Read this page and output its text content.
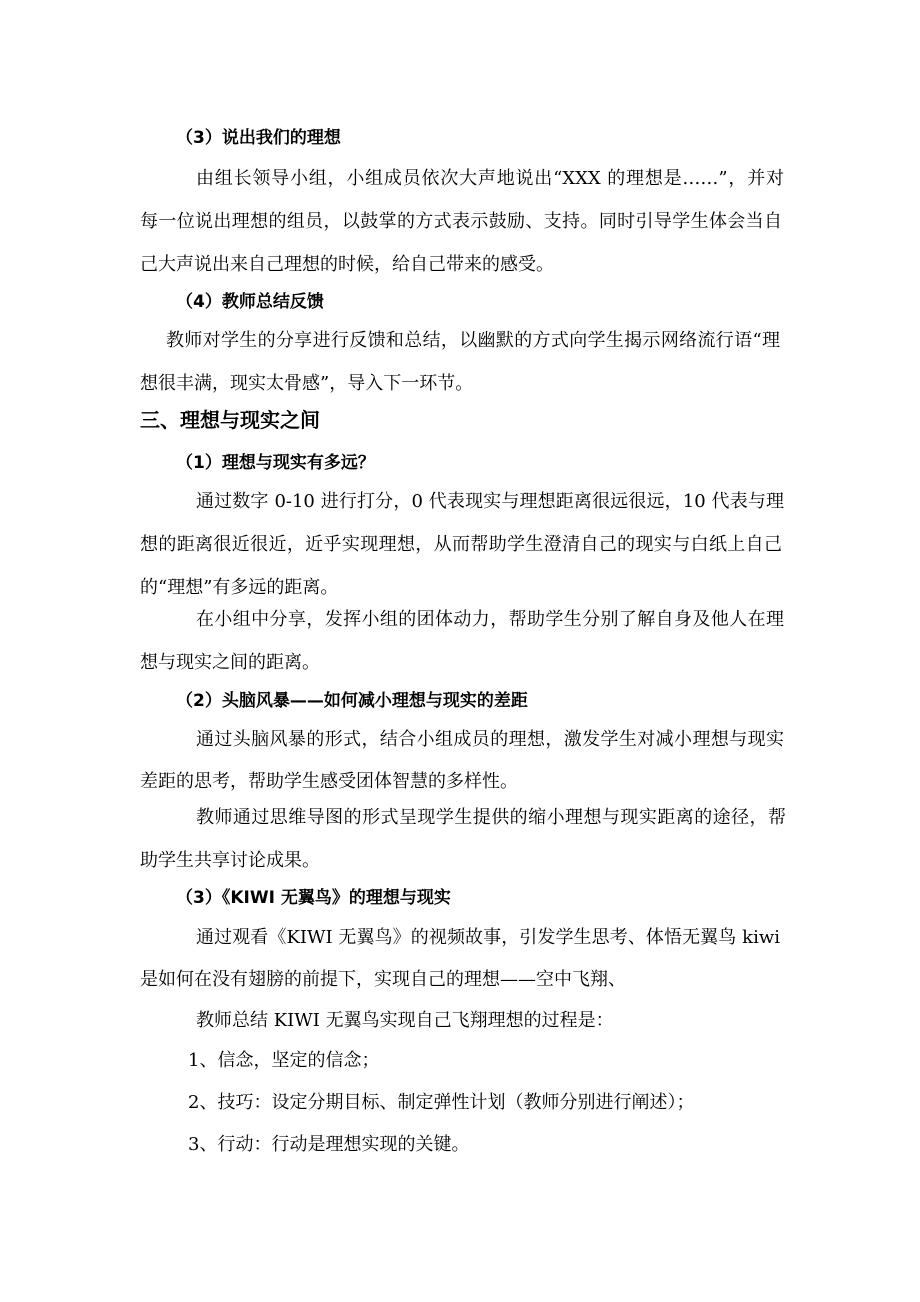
（3）说出我们的理想
由组长领导小组，小组成员依次大声地说出“XXX 的理想是……”，并对
每一位说出理想的组员，以鼓掌的方式表示鼓励、支持。同时引导学生体会当自
己大声说出来自己理想的时候，给自己带来的感受。
（4）教师总结反馈
教师对学生的分享进行反馈和总结，以幽默的方式向学生揭示网络流行语“理
想很丰满，现实太骨感”，导入下一环节。
三、理想与现实之间
（1）理想与现实有多远？
通过数字 0-10 进行打分，0 代表现实与理想距离很远很远，10 代表与理
想的距离很近很近，近乎实现理想，从而帮助学生澄清自己的现实与白纸上自己
的“理想”有多远的距离。
在小组中分享，发挥小组的团体动力，帮助学生分别了解自身及他人在理
想与现实之间的距离。
（2）头脑风暴——如何减小理想与现实的差距
通过头脑风暴的形式，结合小组成员的理想，激发学生对减小理想与现实
差距的思考，帮助学生感受团体智慧的多样性。
教师通过思维导图的形式呈现学生提供的缩小理想与现实距离的途径，帮
助学生共享讨论成果。
（3）《KIWI 无翼鸟》的理想与现实
通过观看《KIWI 无翼鸟》的视频故事，引发学生思考、体悟无翼鸟 kiwi
是如何在没有翅膀的前提下，实现自己的理想——空中飞翔、
教师总结 KIWI 无翼鸟实现自己飞翔理想的过程是：
1、信念，坚定的信念；
2、技巧：设定分期目标、制定弹性计划（教师分别进行阐述）；
3、行动：行动是理想实现的关键。
